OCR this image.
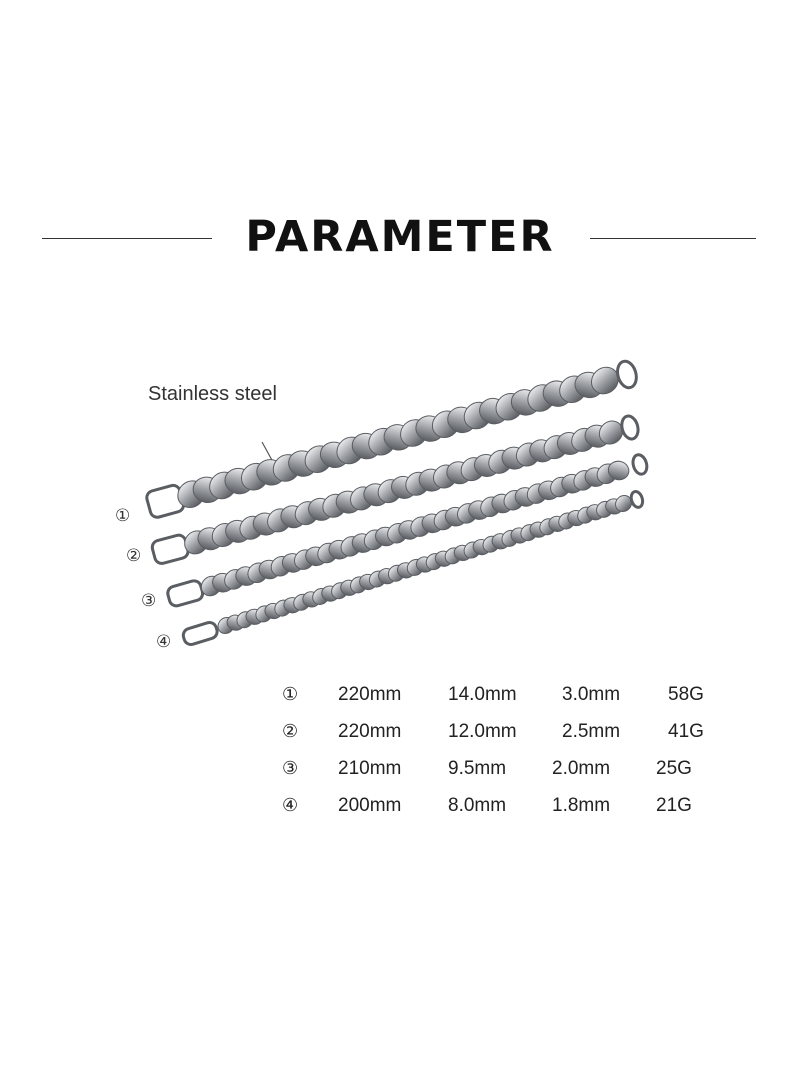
PARAMETER
Stainless steel
①
②
③
④
① 220mm 14.0mm 3.0mm	58G
② 220mm 12.0mm 2.5mm	41G
③ 210mm 9.5mm 2.0mm 25G
④ 200mm 8.0mm 1.8mm 21G
